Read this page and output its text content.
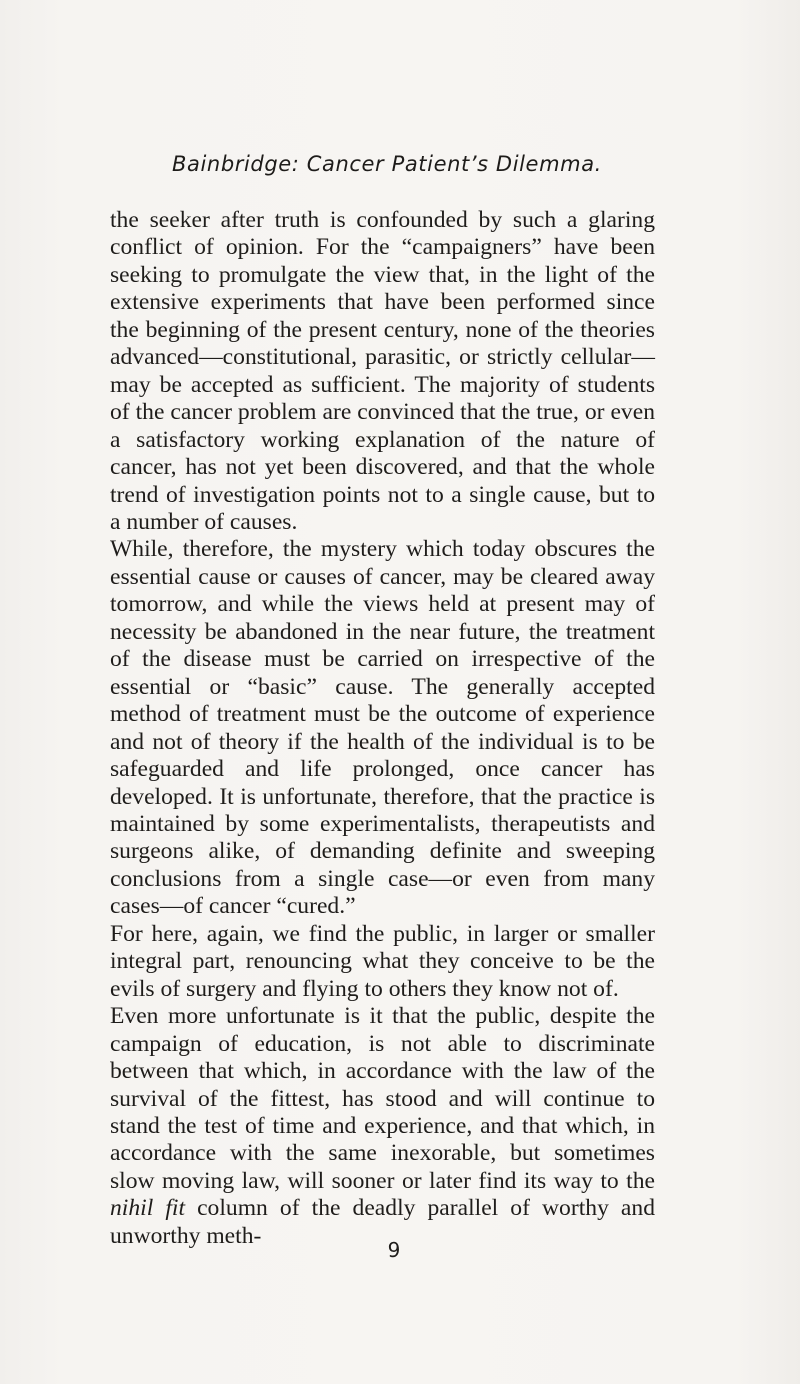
Bainbridge: Cancer Patient’s Dilemma.

the seeker after truth is confounded by such a glaring conflict of opinion. For the “campaigners” have been seeking to promulgate the view that, in the light of the extensive experiments that have been performed since the beginning of the present century, none of the theories advanced—constitutional, parasitic, or strictly cellular—may be accepted as sufficient. The majority of students of the cancer problem are convinced that the true, or even a satisfactory working explanation of the nature of cancer, has not yet been discovered, and that the whole trend of investigation points not to a single cause, but to a number of causes.

While, therefore, the mystery which today obscures the essential cause or causes of cancer, may be cleared away tomorrow, and while the views held at present may of necessity be abandoned in the near future, the treatment of the disease must be carried on irrespective of the essential or “basic” cause. The generally accepted method of treatment must be the outcome of experience and not of theory if the health of the individual is to be safeguarded and life prolonged, once cancer has developed. It is unfortunate, therefore, that the practice is maintained by some experimentalists, therapeutists and surgeons alike, of demanding definite and sweeping conclusions from a single case—or even from many cases—of cancer “cured.”

For here, again, we find the public, in larger or smaller integral part, renouncing what they conceive to be the evils of surgery and flying to others they know not of.

Even more unfortunate is it that the public, despite the campaign of education, is not able to discriminate between that which, in accordance with the law of the survival of the fittest, has stood and will continue to stand the test of time and experience, and that which, in accordance with the same inexorable, but sometimes slow moving law, will sooner or later find its way to the nihil fit column of the deadly parallel of worthy and unworthy meth-

9
